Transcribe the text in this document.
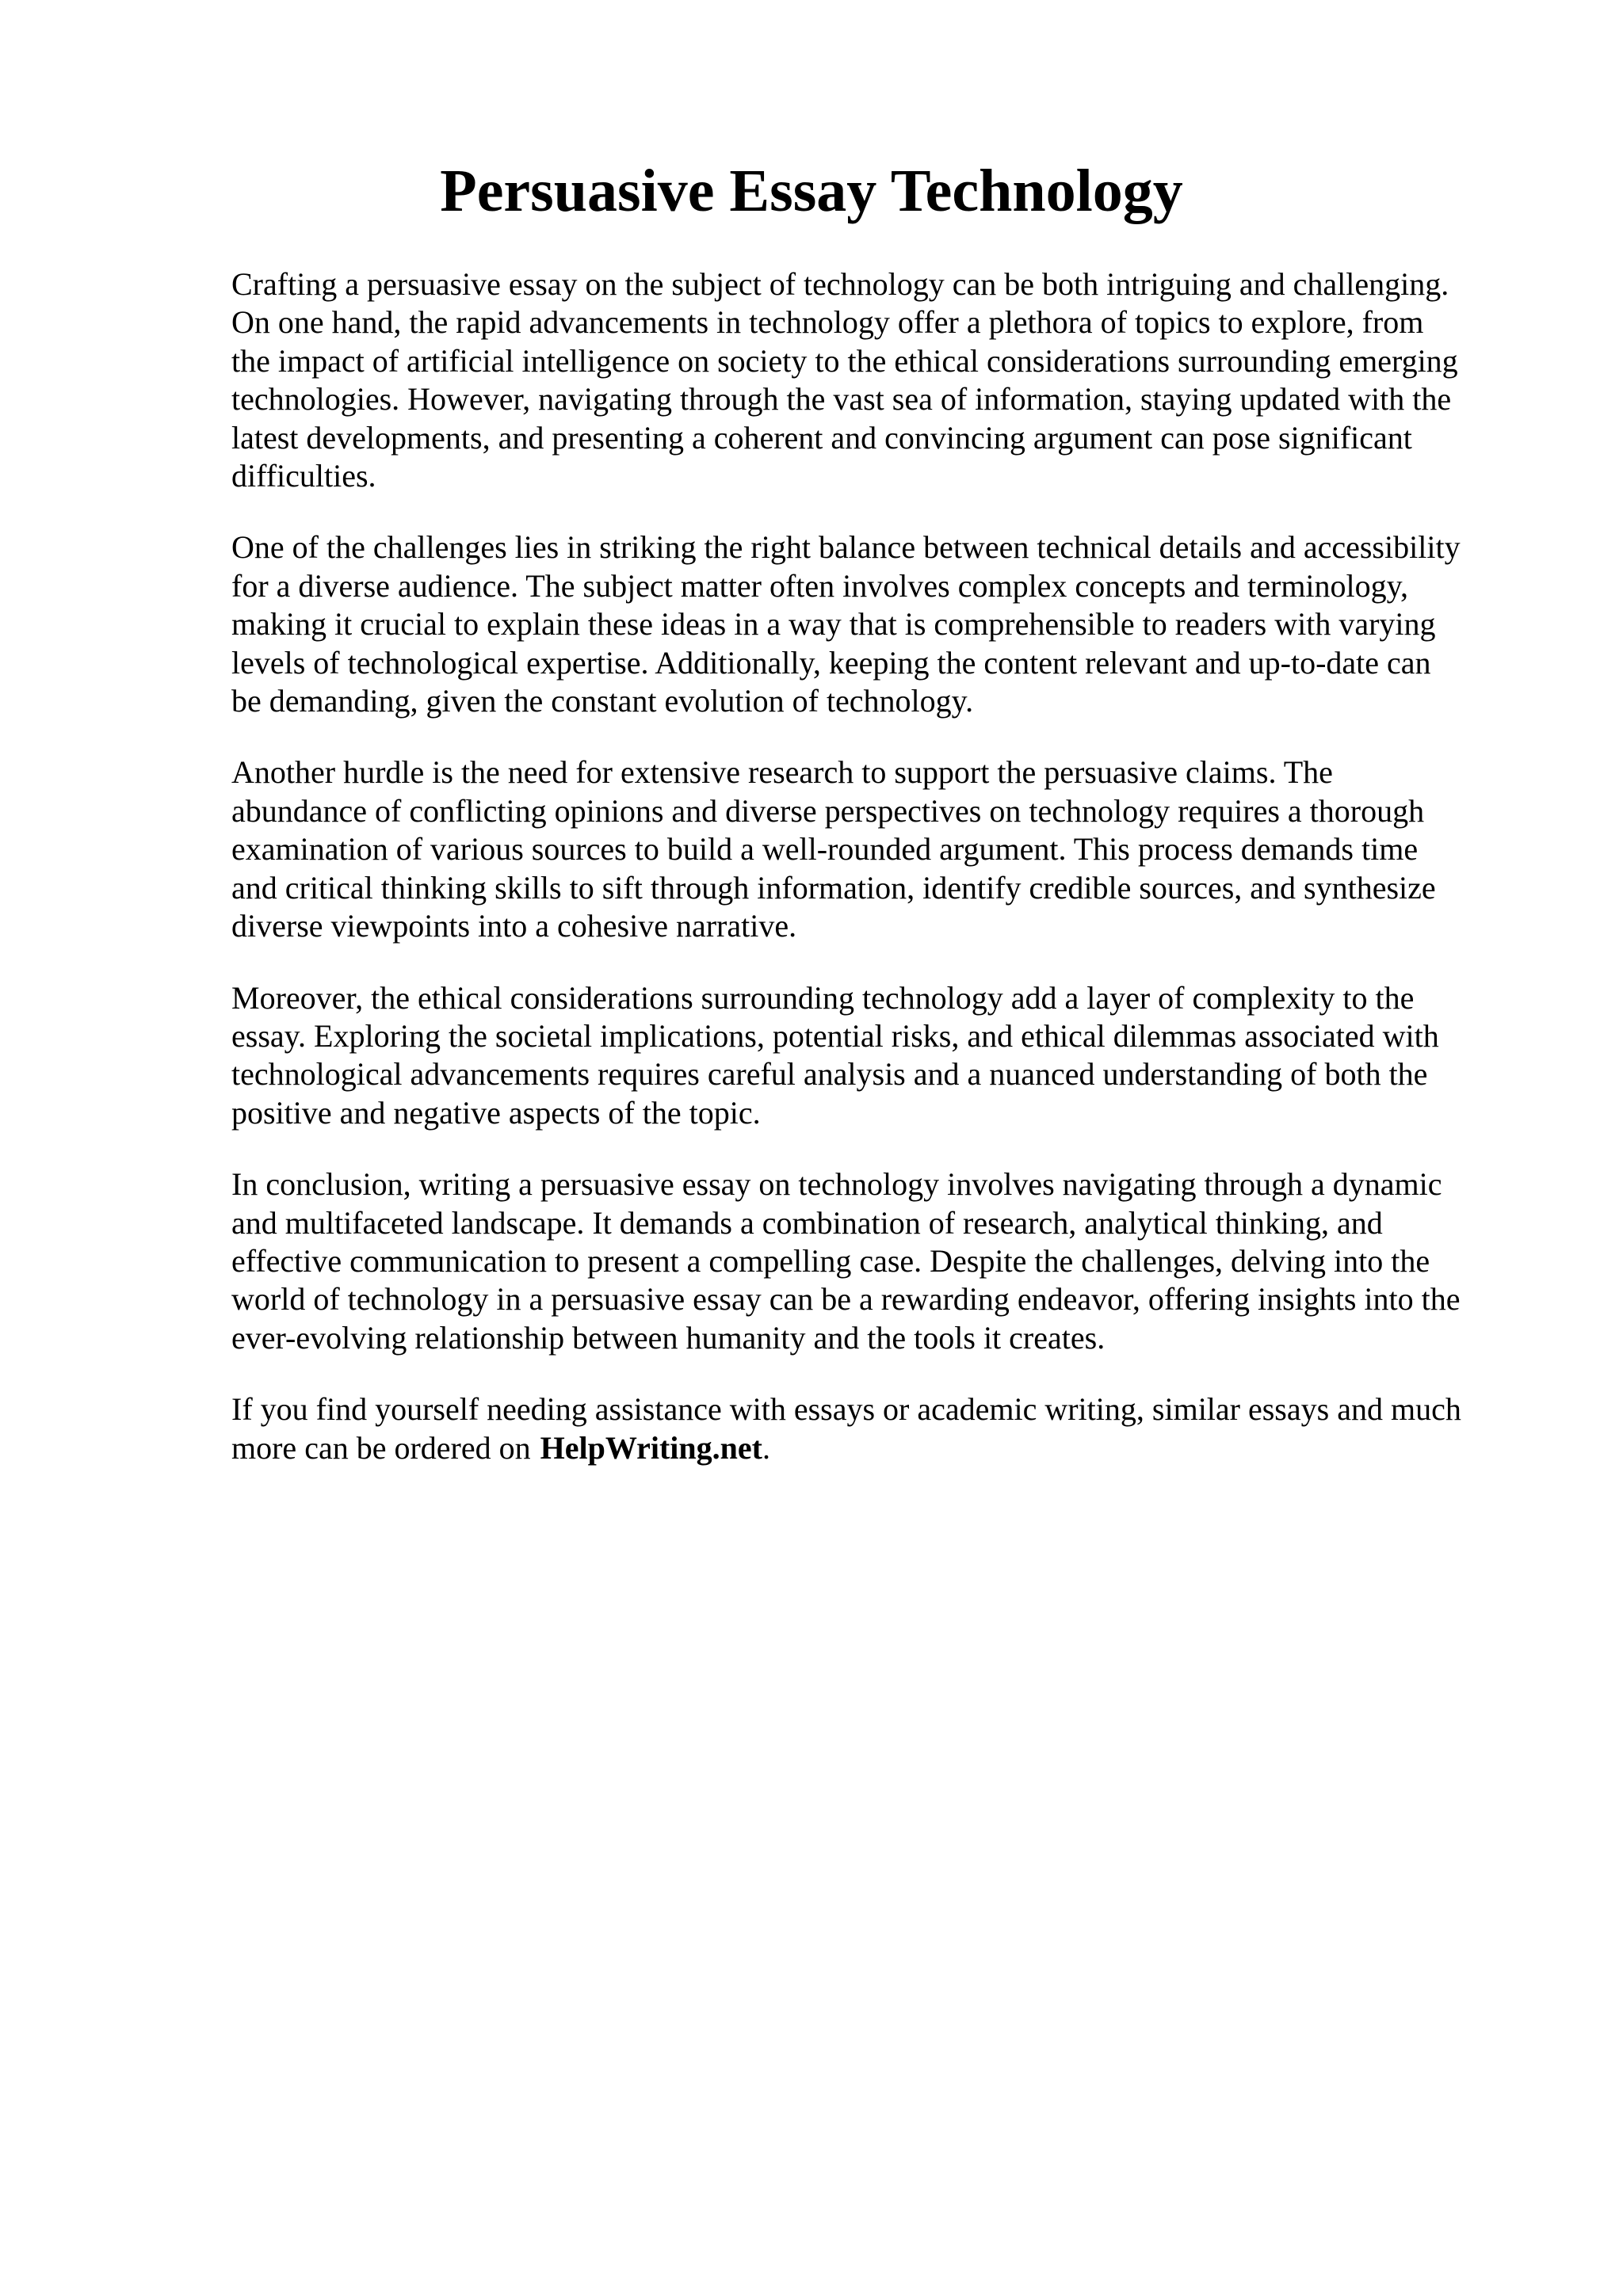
Persuasive Essay Technology

Crafting a persuasive essay on the subject of technology can be both intriguing and challenging.
On one hand, the rapid advancements in technology offer a plethora of topics to explore, from
the impact of artificial intelligence on society to the ethical considerations surrounding emerging
technologies. However, navigating through the vast sea of information, staying updated with the
latest developments, and presenting a coherent and convincing argument can pose significant
difficulties.

One of the challenges lies in striking the right balance between technical details and accessibility
for a diverse audience. The subject matter often involves complex concepts and terminology,
making it crucial to explain these ideas in a way that is comprehensible to readers with varying
levels of technological expertise. Additionally, keeping the content relevant and up-to-date can
be demanding, given the constant evolution of technology.

Another hurdle is the need for extensive research to support the persuasive claims. The
abundance of conflicting opinions and diverse perspectives on technology requires a thorough
examination of various sources to build a well-rounded argument. This process demands time
and critical thinking skills to sift through information, identify credible sources, and synthesize
diverse viewpoints into a cohesive narrative.

Moreover, the ethical considerations surrounding technology add a layer of complexity to the
essay. Exploring the societal implications, potential risks, and ethical dilemmas associated with
technological advancements requires careful analysis and a nuanced understanding of both the
positive and negative aspects of the topic.

In conclusion, writing a persuasive essay on technology involves navigating through a dynamic
and multifaceted landscape. It demands a combination of research, analytical thinking, and
effective communication to present a compelling case. Despite the challenges, delving into the
world of technology in a persuasive essay can be a rewarding endeavor, offering insights into the
ever-evolving relationship between humanity and the tools it creates.

If you find yourself needing assistance with essays or academic writing, similar essays and much
more can be ordered on HelpWriting.net.
